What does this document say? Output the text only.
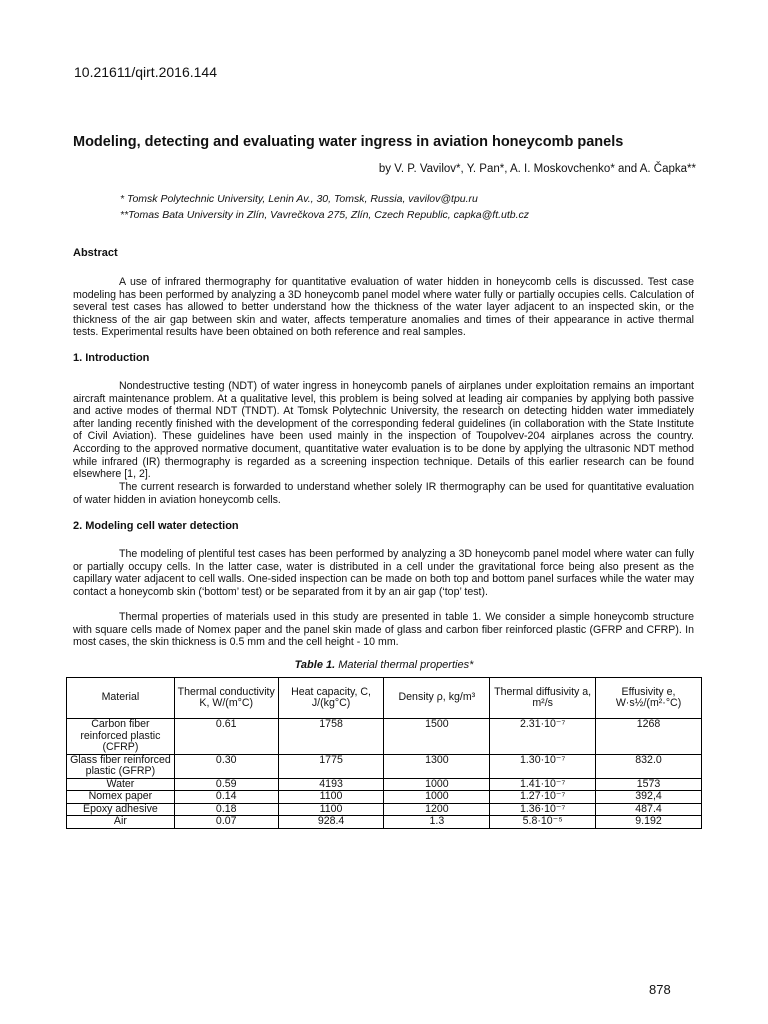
10.21611/qirt.2016.144
Modeling, detecting and evaluating water ingress in aviation honeycomb panels
by V. P. Vavilov*, Y. Pan*, A. I. Moskovchenko* and A. Čapka**
* Tomsk Polytechnic University, Lenin Av., 30, Tomsk, Russia, vavilov@tpu.ru
**Tomas Bata University in Zlín, Vavrečkova 275, Zlín, Czech Republic, capka@ft.utb.cz
Abstract

A use of infrared thermography for quantitative evaluation of water hidden in honeycomb cells is discussed. Test case modeling has been performed by analyzing a 3D honeycomb panel model where water fully or partially occupies cells. Calculation of several test cases has allowed to better understand how the thickness of the water layer adjacent to an inspected skin, or the thickness of the air gap between skin and water, affects temperature anomalies and times of their appearance in active thermal tests. Experimental results have been obtained on both reference and real samples.

1. Introduction

Nondestructive testing (NDT) of water ingress in honeycomb panels of airplanes under exploitation remains an important aircraft maintenance problem. At a qualitative level, this problem is being solved at leading air companies by applying both passive and active modes of thermal NDT (TNDT). At Tomsk Polytechnic University, the research on detecting hidden water immediately after landing recently finished with the development of the corresponding federal guidelines (in collaboration with the State Institute of Civil Aviation). These guidelines have been used mainly in the inspection of Toupolvev-204 airplanes across the country. According to the approved normative document, quantitative water evaluation is to be done by applying the ultrasonic NDT method while infrared (IR) thermography is regarded as a screening inspection technique. Details of this earlier research can be found elsewhere [1, 2].

The current research is forwarded to understand whether solely IR thermography can be used for quantitative evaluation of water hidden in aviation honeycomb cells.

2. Modeling cell water detection

The modeling of plentiful test cases has been performed by analyzing a 3D honeycomb panel model where water can fully or partially occupy cells. In the latter case, water is distributed in a cell under the gravitational force being also present as the capillary water adjacent to cell walls. One-sided inspection can be made on both top and bottom panel surfaces while the water may contact a honeycomb skin (‘bottom’ test) or be separated from it by an air gap (‘top’ test).

Thermal properties of materials used in this study are presented in table 1. We consider a simple honeycomb structure with square cells made of Nomex paper and the panel skin made of glass and carbon fiber reinforced plastic (GFRP and CFRP). In most cases, the skin thickness is 0.5 mm and the cell height - 10 mm.

Table 1. Material thermal properties*
Material	Thermal conductivity K, W/(m°C)	Heat capacity, C, J/(kg°C)	Density ρ, kg/m³	Thermal diffusivity a, m²/s	Effusivity e, W·s½/(m²·°C)
Carbon fiber reinforced plastic (CFRP)	0.61	1758	1500	2.31·10⁻⁷	1268
Glass fiber reinforced plastic (GFRP)	0.30	1775	1300	1.30·10⁻⁷	832.0
Water	0.59	4193	1000	1.41·10⁻⁷	1573
Nomex paper	0.14	1100	1000	1.27·10⁻⁷	392,4
Epoxy adhesive	0.18	1100	1200	1.36·10⁻⁷	487.4
Air	0.07	928.4	1.3	5.8·10⁻⁵	9.192
878
